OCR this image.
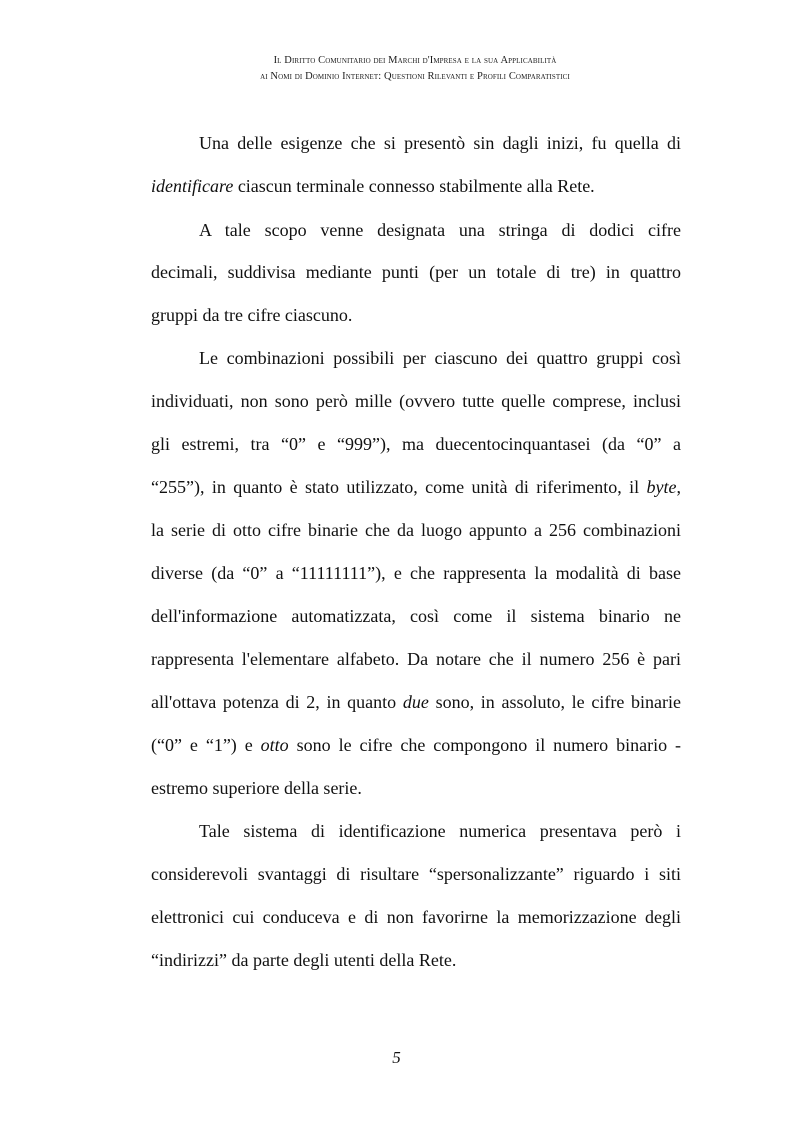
Il Diritto Comunitario dei Marchi d'Impresa e la sua Applicabilità
ai Nomi di Dominio Internet: Questioni Rilevanti e Profili Comparatistici
Una delle esigenze che si presentò sin dagli inizi, fu quella di
identificare ciascun terminale connesso stabilmente alla Rete.
A tale scopo venne designata una stringa di dodici cifre
decimali, suddivisa mediante punti (per un totale di tre) in quattro
gruppi da tre cifre ciascuno.
Le combinazioni possibili per ciascuno dei quattro gruppi così
individuati, non sono però mille (ovvero tutte quelle comprese, inclusi
gli estremi, tra “0” e “999”), ma duecentocinquantasei (da “0” a
“255”), in quanto è stato utilizzato, come unità di riferimento, il byte,
la serie di otto cifre binarie che da luogo appunto a 256 combinazioni
diverse (da “0” a “11111111”), e che rappresenta la modalità di base
dell'informazione automatizzata, così come il sistema binario ne
rappresenta l'elementare alfabeto. Da notare che il numero 256 è pari
all'ottava potenza di 2, in quanto due sono, in assoluto, le cifre binarie
(“0” e “1”) e otto sono le cifre che compongono il numero binario -
estremo superiore della serie.
Tale sistema di identificazione numerica presentava però i
considerevoli svantaggi di risultare “spersonalizzante” riguardo i siti
elettronici cui conduceva e di non favorirne la memorizzazione degli
“indirizzi” da parte degli utenti della Rete.
5
